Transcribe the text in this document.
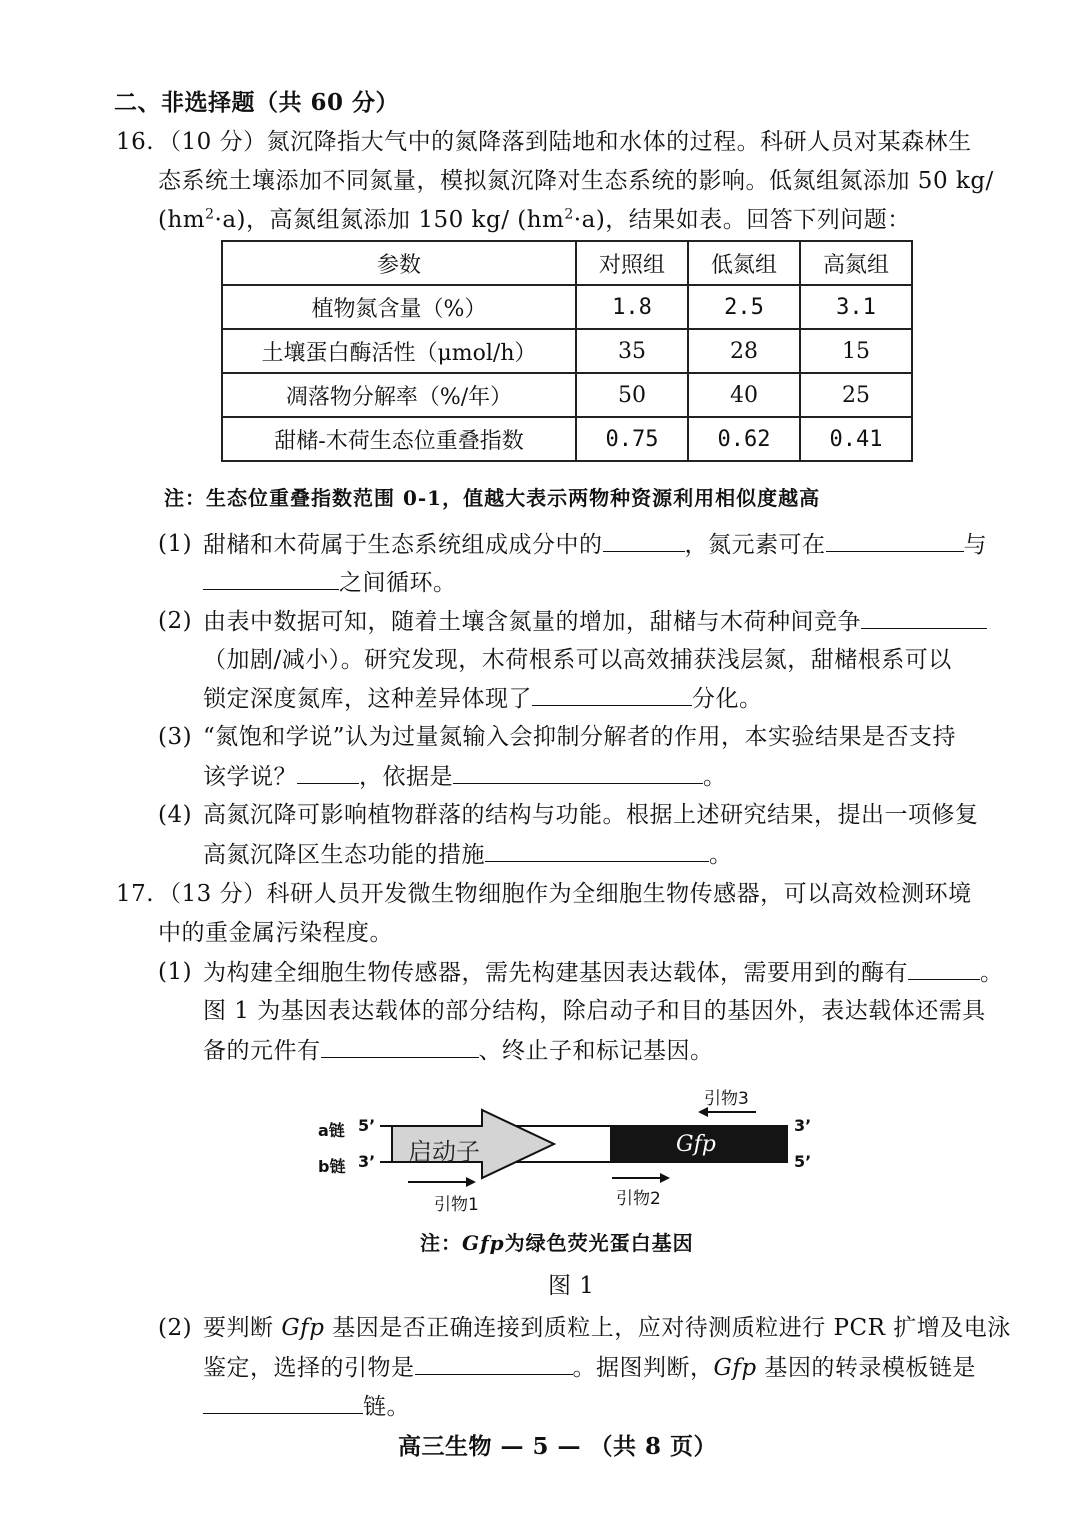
二、非选择题（共 60 分）
16. （10 分）氮沉降指大气中的氮降落到陆地和水体的过程。科研人员对某森林生
态系统土壤添加不同氮量，模拟氮沉降对生态系统的影响。低氮组氮添加 50 kg/
$(hm^2\cdot a)$，高氮组氮添加 150 kg/ $(hm^2\cdot a)$，结果如表。回答下列问题：
参数	对照组	低氮组	高氮组
植物氮含量（%）	1.8	2.5	3.1
土壤蛋白酶活性（μmol/h）	35	28	15
凋落物分解率（%/年）	50	40	25
甜槠-木荷生态位重叠指数	0.75	0.62	0.41
注：生态位重叠指数范围 0-1，值越大表示两物种资源利用相似度越高
(1) 甜槠和木荷属于生态系统组成成分中的	，氮元素可在	与
之间循环。
(2) 由表中数据可知，随着土壤含氮量的增加，甜槠与木荷种间竞争
（加剧/减小）。研究发现，木荷根系可以高效捕获浅层氮，甜槠根系可以
锁定深度氮库，这种差异体现了	分化。
(3) “氮饱和学说”认为过量氮输入会抑制分解者的作用，本实验结果是否支持
该学说？	，依据是	。
(4) 高氮沉降可影响植物群落的结构与功能。根据上述研究结果，提出一项修复
高氮沉降区生态功能的措施	。
17. （13 分）科研人员开发微生物细胞作为全细胞生物传感器，可以高效检测环境
中的重金属污染程度。
(1) 为构建全细胞生物传感器，需先构建基因表达载体，需要用到的酶有	。
图 1 为基因表达载体的部分结构，除启动子和目的基因外，表达载体还需具
备的元件有	、终止子和标记基因。
a链 5’
b链 3’
3’
5’
启动子	Gfp
引物3
引物1	引物2
注：Gfp为绿色荧光蛋白基因
图 1
(2) 要判断 Gfp 基因是否正确连接到质粒上，应对待测质粒进行 PCR 扩增及电泳
鉴定，选择的引物是	。据图判断，Gfp 基因的转录模板链是
链。
高三生物 — 5 — （共 8 页）
